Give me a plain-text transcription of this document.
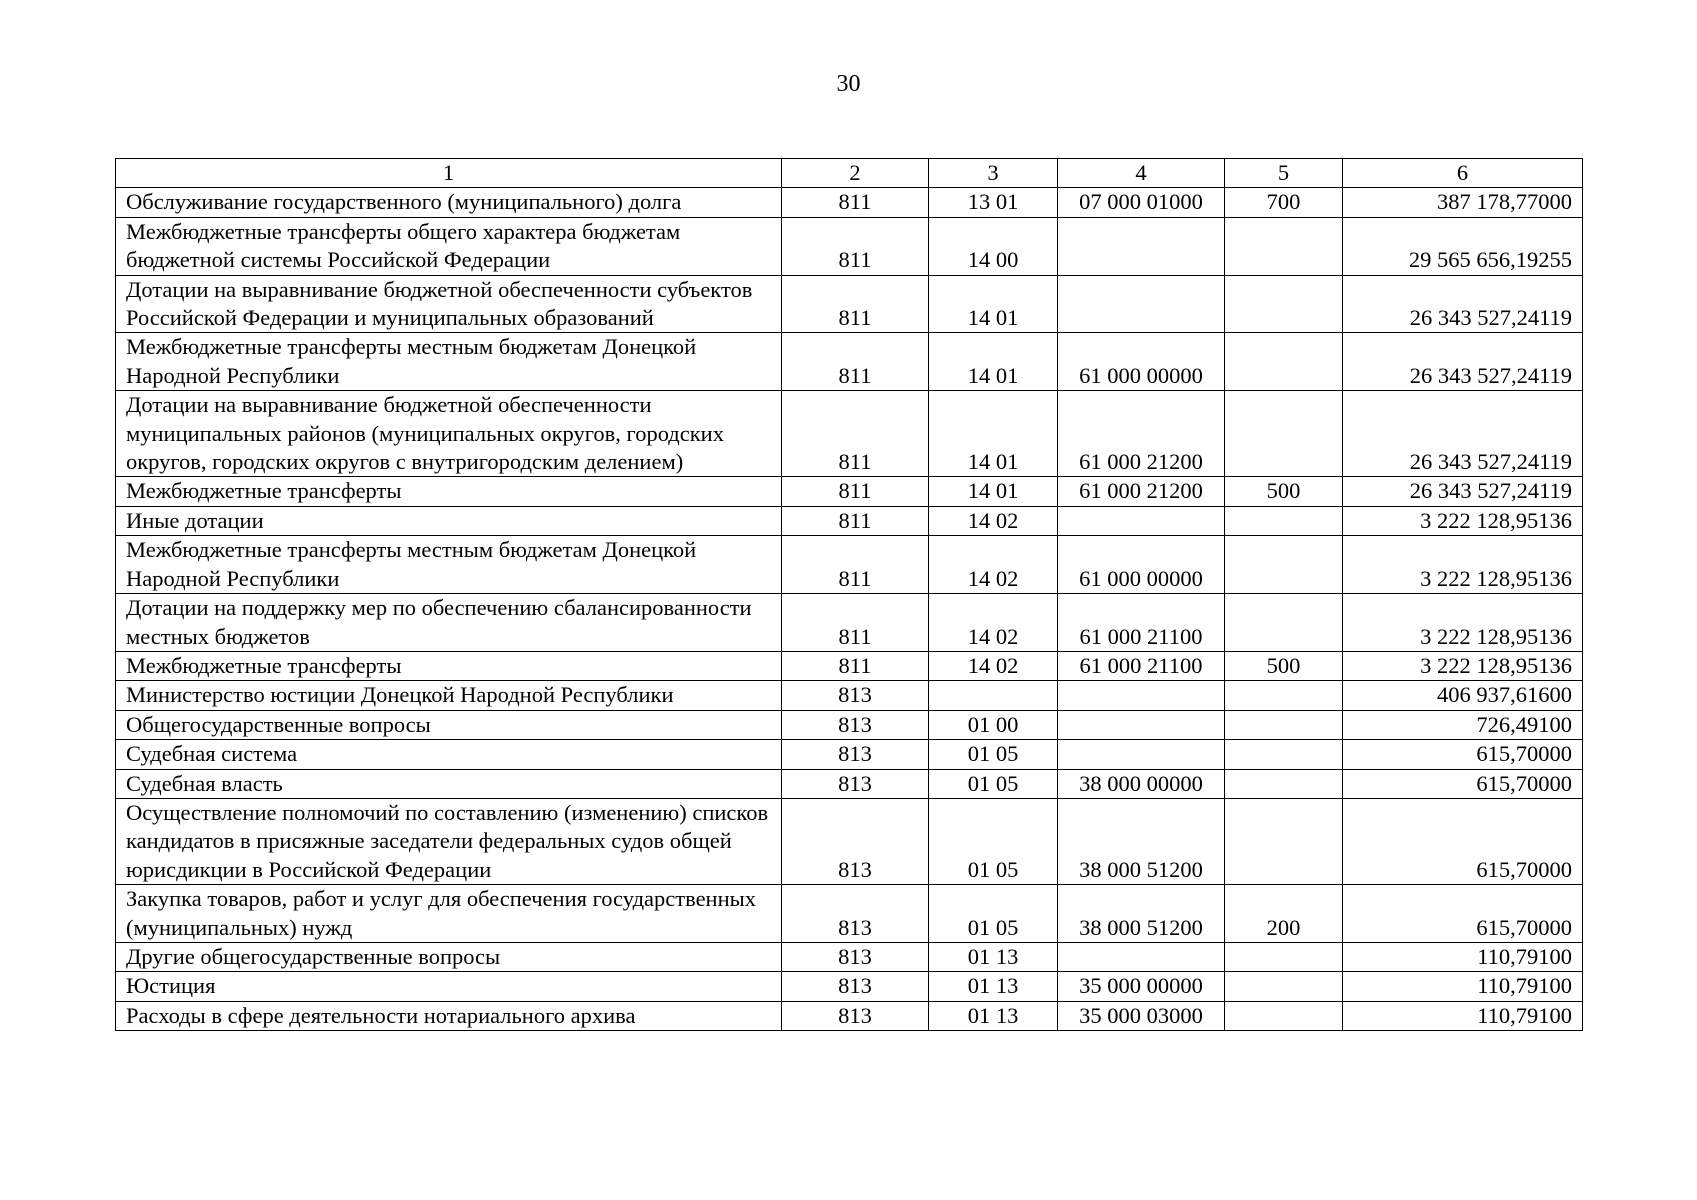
30
1	2	3	4	5	6
Обслуживание государственного (муниципального) долга	811	13 01	07 000 01000	700	387 178,77000
Межбюджетные трансферты общего характера бюджетам бюджетной системы Российской Федерации	811	14 00			29 565 656,19255
Дотации на выравнивание бюджетной обеспеченности субъектов Российской Федерации и муниципальных образований	811	14 01			26 343 527,24119
Межбюджетные трансферты местным бюджетам Донецкой Народной Республики	811	14 01	61 000 00000		26 343 527,24119
Дотации на выравнивание бюджетной обеспеченности муниципальных районов (муниципальных округов, городских округов, городских округов с внутригородским делением)	811	14 01	61 000 21200		26 343 527,24119
Межбюджетные трансферты	811	14 01	61 000 21200	500	26 343 527,24119
Иные дотации	811	14 02			3 222 128,95136
Межбюджетные трансферты местным бюджетам Донецкой Народной Республики	811	14 02	61 000 00000		3 222 128,95136
Дотации на поддержку мер по обеспечению сбалансированности местных бюджетов	811	14 02	61 000 21100		3 222 128,95136
Межбюджетные трансферты	811	14 02	61 000 21100	500	3 222 128,95136
Министерство юстиции Донецкой Народной Республики	813				406 937,61600
Общегосударственные вопросы	813	01 00			726,49100
Судебная система	813	01 05			615,70000
Судебная власть	813	01 05	38 000 00000		615,70000
Осуществление полномочий по составлению (изменению) списков кандидатов в присяжные заседатели федеральных судов общей юрисдикции в Российской Федерации	813	01 05	38 000 51200		615,70000
Закупка товаров, работ и услуг для обеспечения государственных (муниципальных) нужд	813	01 05	38 000 51200	200	615,70000
Другие общегосударственные вопросы	813	01 13			110,79100
Юстиция	813	01 13	35 000 00000		110,79100
Расходы в сфере деятельности нотариального архива	813	01 13	35 000 03000		110,79100
